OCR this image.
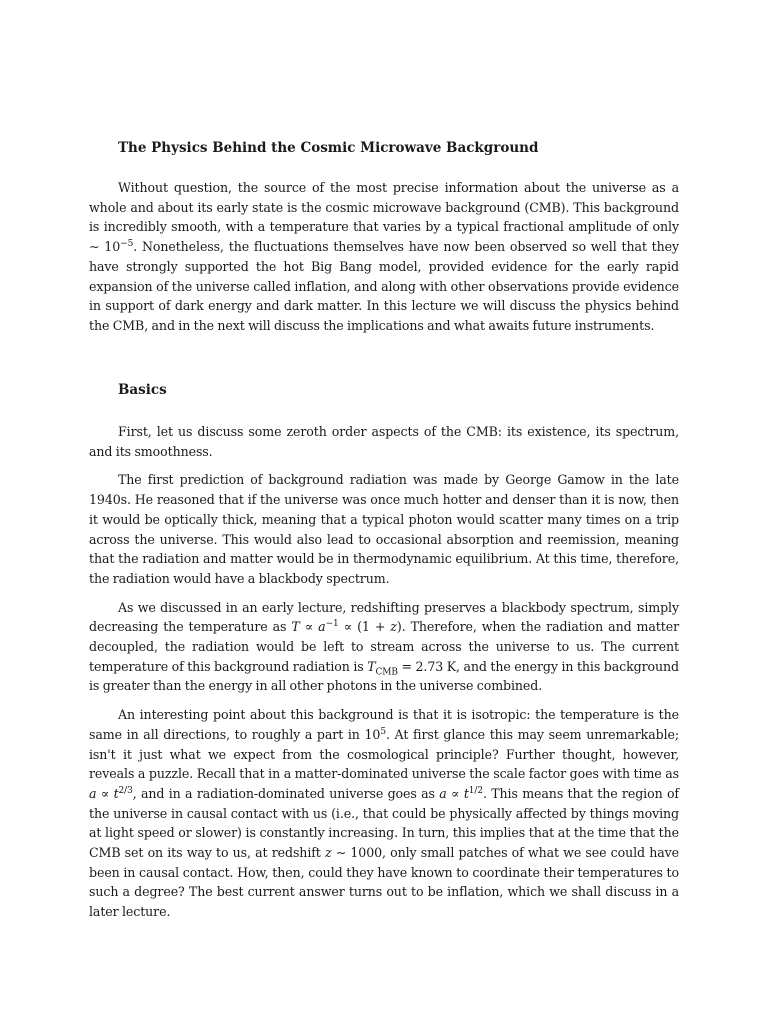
The Physics Behind the Cosmic Microwave Background

Without question, the source of the most precise information about the universe as a whole and about its early state is the cosmic microwave background (CMB). This background is incredibly smooth, with a temperature that varies by a typical fractional amplitude of only ∼ $10^{-5}$. Nonetheless, the fluctuations themselves have now been observed so well that they have strongly supported the hot Big Bang model, provided evidence for the early rapid expansion of the universe called inflation, and along with other observations provide evidence in support of dark energy and dark matter. In this lecture we will discuss the physics behind the CMB, and in the next will discuss the implications and what awaits future instruments.

Basics

First, let us discuss some zeroth order aspects of the CMB: its existence, its spectrum, and its smoothness.

The first prediction of background radiation was made by George Gamow in the late 1940s. He reasoned that if the universe was once much hotter and denser than it is now, then it would be optically thick, meaning that a typical photon would scatter many times on a trip across the universe. This would also lead to occasional absorption and reemission, meaning that the radiation and matter would be in thermodynamic equilibrium. At this time, therefore, the radiation would have a blackbody spectrum.

As we discussed in an early lecture, redshifting preserves a blackbody spectrum, simply decreasing the temperature as $T \propto a^{-1} \propto (1 + z)$. Therefore, when the radiation and matter decoupled, the radiation would be left to stream across the universe to us. The current temperature of this background radiation is $T_{CMB} = 2.73$ K, and the energy in this background is greater than the energy in all other photons in the universe combined.

An interesting point about this background is that it is isotropic: the temperature is the same in all directions, to roughly a part in $10^5$. At first glance this may seem unremarkable; isn't it just what we expect from the cosmological principle? Further thought, however, reveals a puzzle. Recall that in a matter-dominated universe the scale factor goes with time as $a \propto t^{2/3}$, and in a radiation-dominated universe goes as $a \propto t^{1/2}$. This means that the region of the universe in causal contact with us (i.e., that could be physically affected by things moving at light speed or slower) is constantly increasing. In turn, this implies that at the time that the CMB set on its way to us, at redshift z ∼ 1000, only small patches of what we see could have been in causal contact. How, then, could they have known to coordinate their temperatures to such a degree? The best current answer turns out to be inflation, which we shall discuss in a later lecture.
